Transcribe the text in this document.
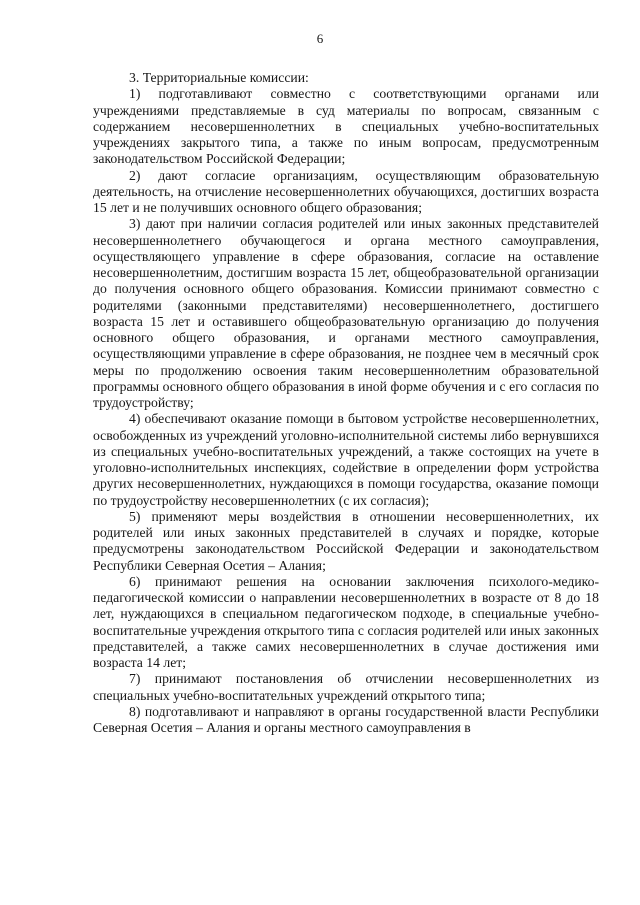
6

3. Территориальные комиссии:

1) подготавливают совместно с соответствующими органами или учреждениями представляемые в суд материалы по вопросам, связанным с содержанием несовершеннолетних в специальных учебно-воспитательных учреждениях закрытого типа, а также по иным вопросам, предусмотренным законодательством Российской Федерации;

2) дают согласие организациям, осуществляющим образовательную деятельность, на отчисление несовершеннолетних обучающихся, достигших возраста 15 лет и не получивших основного общего образования;

3) дают при наличии согласия родителей или иных законных представителей несовершеннолетнего обучающегося и органа местного самоуправления, осуществляющего управление в сфере образования, согласие на оставление несовершеннолетним, достигшим возраста 15 лет, общеобразовательной организации до получения основного общего образования. Комиссии принимают совместно с родителями (законными представителями) несовершеннолетнего, достигшего возраста 15 лет и оставившего общеобразовательную организацию до получения основного общего образования, и органами местного самоуправления, осуществляющими управление в сфере образования, не позднее чем в месячный срок меры по продолжению освоения таким несовершеннолетним образовательной программы основного общего образования в иной форме обучения и с его согласия по трудоустройству;

4) обеспечивают оказание помощи в бытовом устройстве несовершеннолетних, освобожденных из учреждений уголовно-исполнительной системы либо вернувшихся из специальных учебно-воспитательных учреждений, а также состоящих на учете в уголовно-исполнительных инспекциях, содействие в определении форм устройства других несовершеннолетних, нуждающихся в помощи государства, оказание помощи по трудоустройству несовершеннолетних (с их согласия);

5) применяют меры воздействия в отношении несовершеннолетних, их родителей или иных законных представителей в случаях и порядке, которые предусмотрены законодательством Российской Федерации и законодательством Республики Северная Осетия – Алания;

6) принимают решения на основании заключения психолого-медико-педагогической комиссии о направлении несовершеннолетних в возрасте от 8 до 18 лет, нуждающихся в специальном педагогическом подходе, в специальные учебно-воспитательные учреждения открытого типа с согласия родителей или иных законных представителей, а также самих несовершеннолетних в случае достижения ими возраста 14 лет;

7) принимают постановления об отчислении несовершеннолетних из специальных учебно-воспитательных учреждений открытого типа;

8) подготавливают и направляют в органы государственной власти Республики Северная Осетия – Алания и органы местного самоуправления в
